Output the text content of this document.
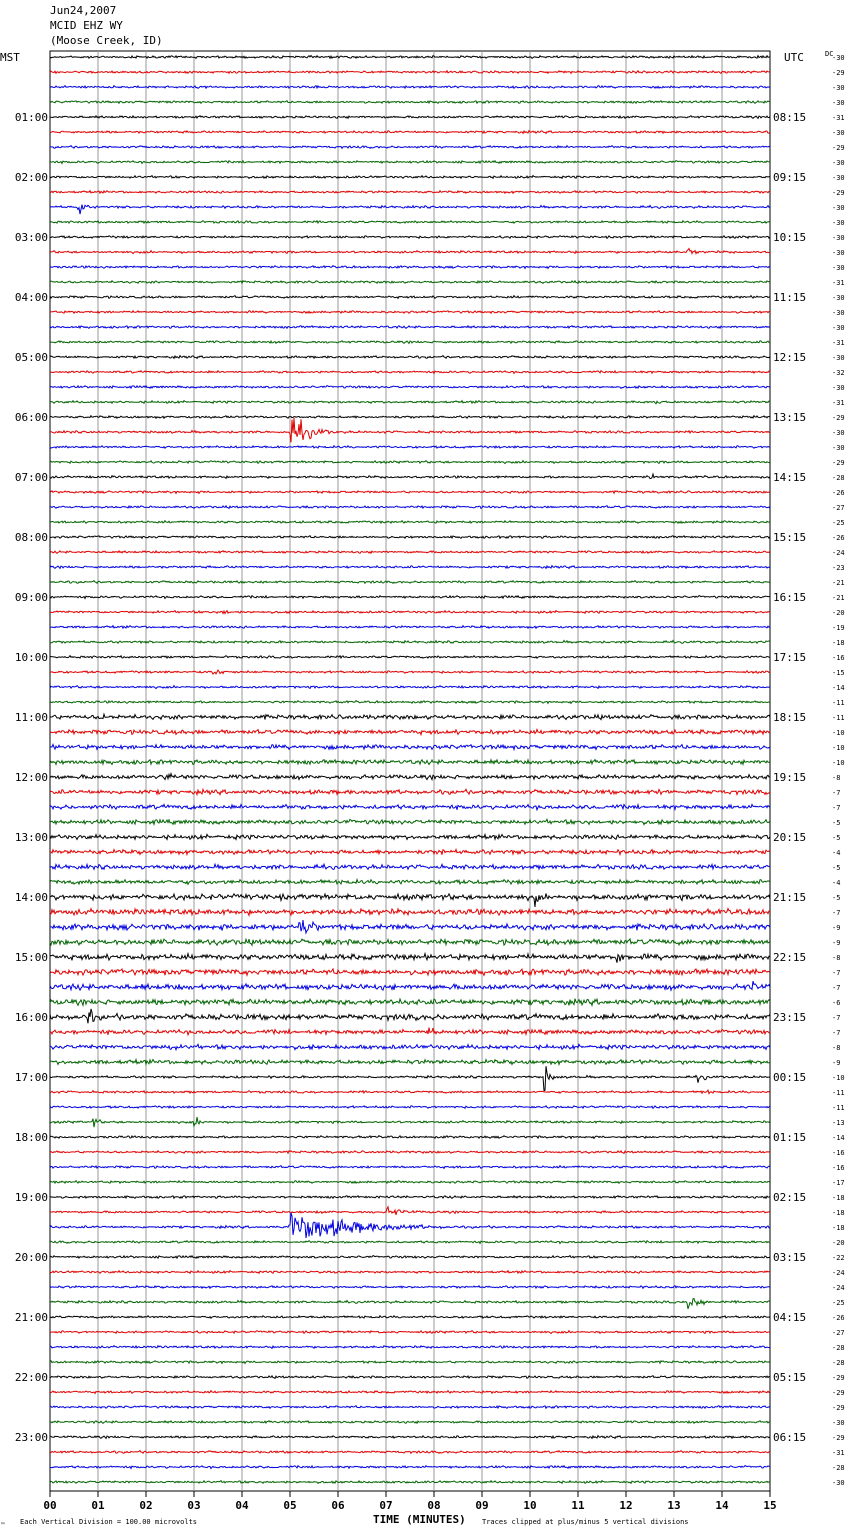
Jun24,2007
MCID EHZ WY
(Moose Creek, ID)
MST	UTC	DC
01:00
02:00
03:00
04:00
05:00
06:00
07:00
08:00
09:00
10:00
11:00
12:00
13:00
14:00
15:00
16:00
17:00
18:00
19:00
20:00
21:00
22:00
23:00
08:15
09:15
10:15
11:15
12:15
13:15
14:15
15:15
16:15
17:15
18:15
19:15
20:15
21:15
22:15
23:15
00:15
01:15
02:15
03:15
04:15
05:15
06:15
-30
-29
-30
-30
-31
-30
-29
-30
-30
-29
-30
-30
-30
-30
-30
-31
-30
-30
-30
-31
-30
-32
-30
-31
-29
-30
-30
-29
-28
-26
-27
-25
-26
-24
-23
-21
-21
-20
-19
-18
-16
-15
-14
-11
-11
-10
-10
-10
-8
-7
-7
-5
-5
-4
-5
-4
-5
-7
-9
-9
-8
-7
-7
-6
-7
-7
-8
-9
-10
-11
-11
-13
-14
-16
-16
-17
-18
-18
-18
-20
-22
-24
-24
-25
-26
-27
-28
-28
-29
-29
-29
-30
-29
-31
-28
-30
00	01	02	03	04	05	06	07	08	09	10	11	12	13	14	15
TIME (MINUTES)
Each Vertical Division = 100.00 microvolts	Traces clipped at plus/minus 5 vertical divisions
™
